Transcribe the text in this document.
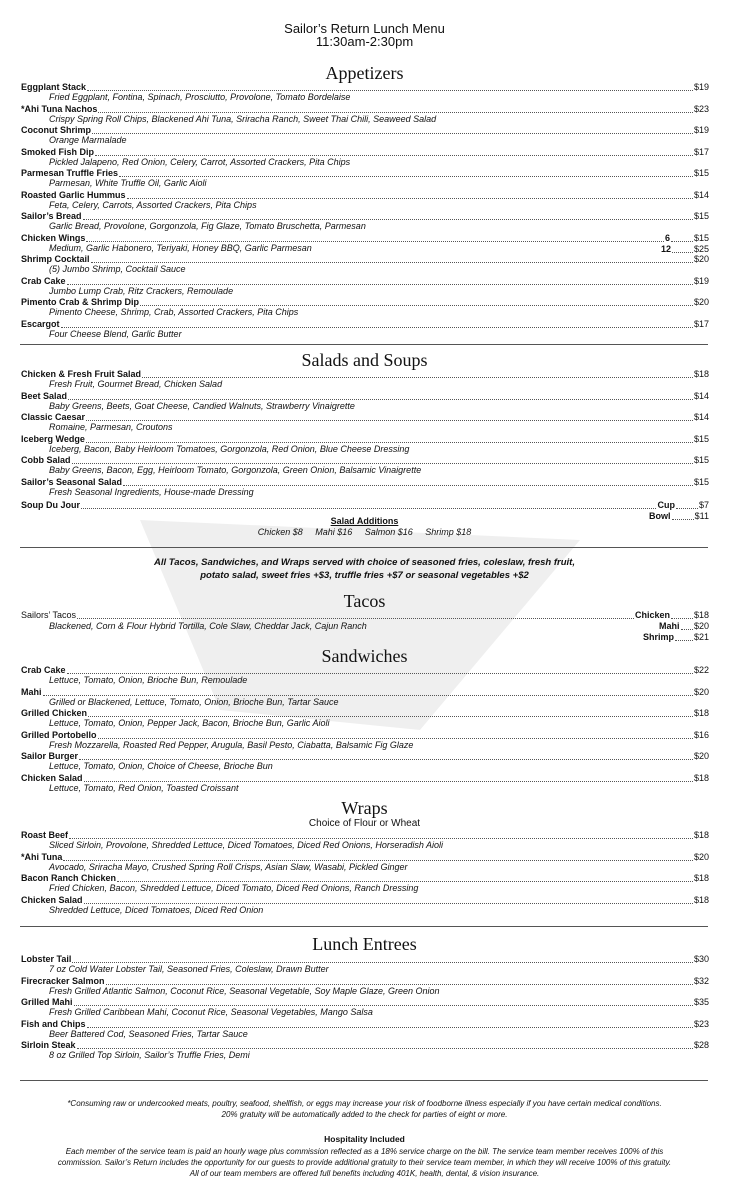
Sailor’s Return Lunch Menu
11:30am-2:30pm
Appetizers
Eggplant Stack	$19
Fried Eggplant, Fontina, Spinach, Prosciutto, Provolone, Tomato Bordelaise
*Ahi Tuna Nachos	$23
Crispy Spring Roll Chips, Blackened Ahi Tuna, Sriracha Ranch, Sweet Thai Chili, Seaweed Salad
Coconut Shrimp	$19
Orange Marmalade
Smoked Fish Dip	$17
Pickled Jalapeno, Red Onion, Celery, Carrot, Assorted Crackers, Pita Chips
Parmesan Truffle Fries	$15
Parmesan, White Truffle Oil, Garlic Aioli
Roasted Garlic Hummus	$14
Feta, Celery, Carrots, Assorted Crackers, Pita Chips
Sailor’s Bread	$15
Garlic Bread, Provolone, Gorgonzola, Fig Glaze, Tomato Bruschetta, Parmesan
Chicken Wings	6	$15
Medium, Garlic Habonero, Teriyaki, Honey BBQ, Garlic Parmesan	12	$25
Shrimp Cocktail	$20
(5) Jumbo Shrimp, Cocktail Sauce
Crab Cake	$19
Jumbo Lump Crab, Ritz Crackers, Remoulade
Pimento Crab & Shrimp Dip	$20
Pimento Cheese, Shrimp, Crab, Assorted Crackers, Pita Chips
Escargot	$17
Four Cheese Blend, Garlic Butter
Salads and Soups
Chicken & Fresh Fruit Salad	$18
Fresh Fruit, Gourmet Bread, Chicken Salad
Beet Salad	$14
Baby Greens, Beets, Goat Cheese, Candied Walnuts, Strawberry Vinaigrette
Classic Caesar	$14
Romaine, Parmesan, Croutons
Iceberg Wedge	$15
Iceberg, Bacon, Baby Heirloom Tomatoes, Gorgonzola, Red Onion, Blue Cheese Dressing
Cobb Salad	$15
Baby Greens, Bacon, Egg, Heirloom Tomato, Gorgonzola, Green Onion, Balsamic Vinaigrette
Sailor’s Seasonal Salad	$15
Fresh Seasonal Ingredients, House-made Dressing
Soup Du Jour	Cup	$7
Bowl	$11
Salad Additions
Chicken $8     Mahi $16     Salmon $16     Shrimp $18
All Tacos, Sandwiches, and Wraps served with choice of seasoned fries, coleslaw, fresh fruit,
potato salad, sweet fries +$3, truffle fries +$7 or seasonal vegetables +$2
Tacos
Sailors’ Tacos	Chicken	$18
Blackened, Corn & Flour Hybrid Tortilla, Cole Slaw, Cheddar Jack, Cajun Ranch	Mahi $20
Shrimp $21
Sandwiches
Crab Cake	$22
Lettuce, Tomato, Onion, Brioche Bun, Remoulade
Mahi	$20
Grilled or Blackened, Lettuce, Tomato, Onion, Brioche Bun, Tartar Sauce
Grilled Chicken	$18
Lettuce, Tomato, Onion, Pepper Jack, Bacon, Brioche Bun, Garlic Aioli
Grilled Portobello	$16
Fresh Mozzarella, Roasted Red Pepper, Arugula, Basil Pesto, Ciabatta, Balsamic Fig Glaze
Sailor Burger	$20
Lettuce, Tomato, Onion, Choice of Cheese, Brioche Bun
Chicken Salad	$18
Lettuce, Tomato, Red Onion, Toasted Croissant
Wraps
Choice of Flour or Wheat
Roast Beef	$18
Sliced Sirloin, Provolone, Shredded Lettuce, Diced Tomatoes, Diced Red Onions, Horseradish Aioli
*Ahi Tuna	$20
Avocado, Sriracha Mayo, Crushed Spring Roll Crisps, Asian Slaw, Wasabi, Pickled Ginger
Bacon Ranch Chicken	$18
Fried Chicken, Bacon, Shredded Lettuce, Diced Tomato, Diced Red Onions, Ranch Dressing
Chicken Salad	$18
Shredded Lettuce, Diced Tomatoes, Diced Red Onion
Lunch Entrees
Lobster Tail	$30
7 oz Cold Water Lobster Tail, Seasoned Fries, Coleslaw, Drawn Butter
Firecracker Salmon	$32
Fresh Grilled Atlantic Salmon, Coconut Rice, Seasonal Vegetable, Soy Maple Glaze, Green Onion
Grilled Mahi	$35
Fresh Grilled Caribbean Mahi, Coconut Rice, Seasonal Vegetables, Mango Salsa
Fish and Chips	$23
Beer Battered Cod, Seasoned Fries, Tartar Sauce
Sirloin Steak	$28
8 oz Grilled Top Sirloin, Sailor’s Truffle Fries, Demi
*Consuming raw or undercooked meats, poultry, seafood, shellfish, or eggs may increase your risk of foodborne illness especially if you have certain medical conditions.
20% gratuity will be automatically added to the check for parties of eight or more.
Hospitality Included
Each member of the service team is paid an hourly wage plus commission reflected as a 18% service charge on the bill. The service team member receives 100% of this
commission. Sailor’s Return includes the opportunity for our guests to provide additional gratuity to their service team member, in which they will receive 100% of this gratuity.
All of our team members are offered full benefits including 401K, health, dental, & vision insurance.
